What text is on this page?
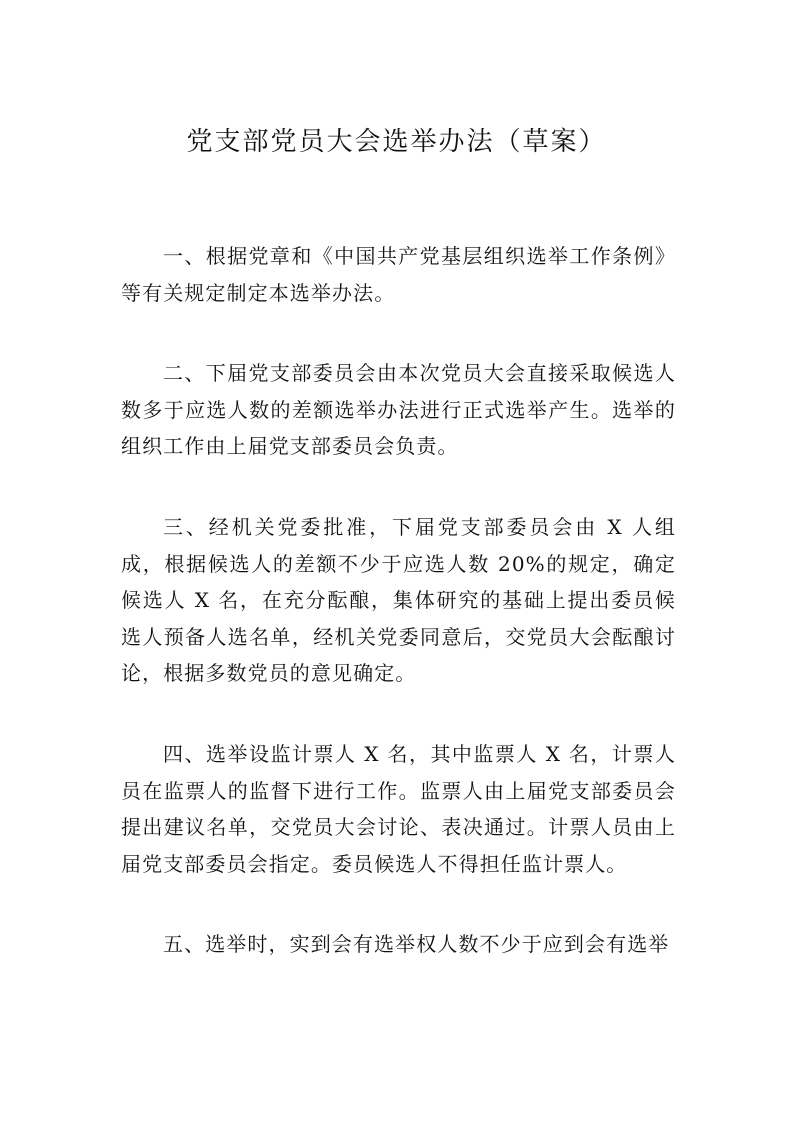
党支部党员大会选举办法（草案）

一、根据党章和《中国共产党基层组织选举工作条例》等有关规定制定本选举办法。

二、下届党支部委员会由本次党员大会直接采取候选人数多于应选人数的差额选举办法进行正式选举产生。选举的组织工作由上届党支部委员会负责。

三、经机关党委批准，下届党支部委员会由 X 人组成，根据候选人的差额不少于应选人数 20%的规定，确定候选人 X 名，在充分酝酿，集体研究的基础上提出委员候选人预备人选名单，经机关党委同意后，交党员大会酝酿讨论，根据多数党员的意见确定。

四、选举设监计票人 X 名，其中监票人 X 名，计票人员在监票人的监督下进行工作。监票人由上届党支部委员会提出建议名单，交党员大会讨论、表决通过。计票人员由上届党支部委员会指定。委员候选人不得担任监计票人。

五、选举时，实到会有选举权人数不少于应到会有选举
